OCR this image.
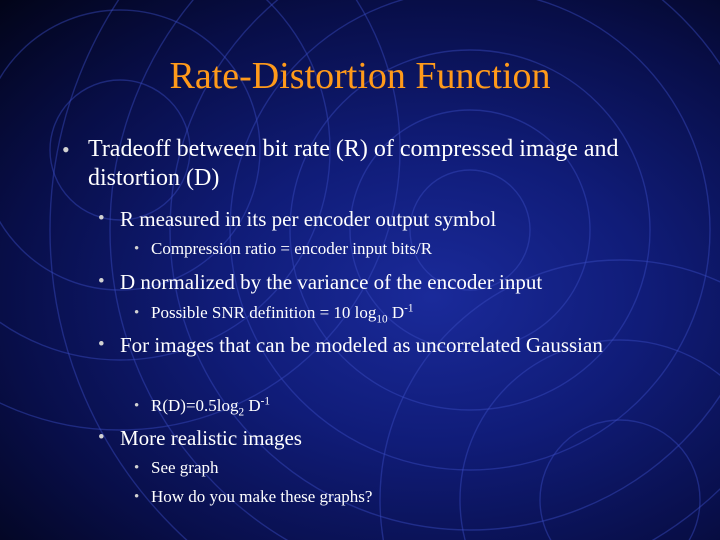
Rate-Distortion Function
• Tradeoff between bit rate (R) of compressed image and distortion (D)
• R measured in its per encoder output symbol
• Compression ratio = encoder input bits/R
• D normalized by the variance of the encoder input
• Possible SNR definition = 10 $\log_{10} D^{-1}$
• For images that can be modeled as uncorrelated Gaussian
• $R(D)=0.5\log_2$ $D^{-1}$
• More realistic images
• See graph
• How do you make these graphs?
